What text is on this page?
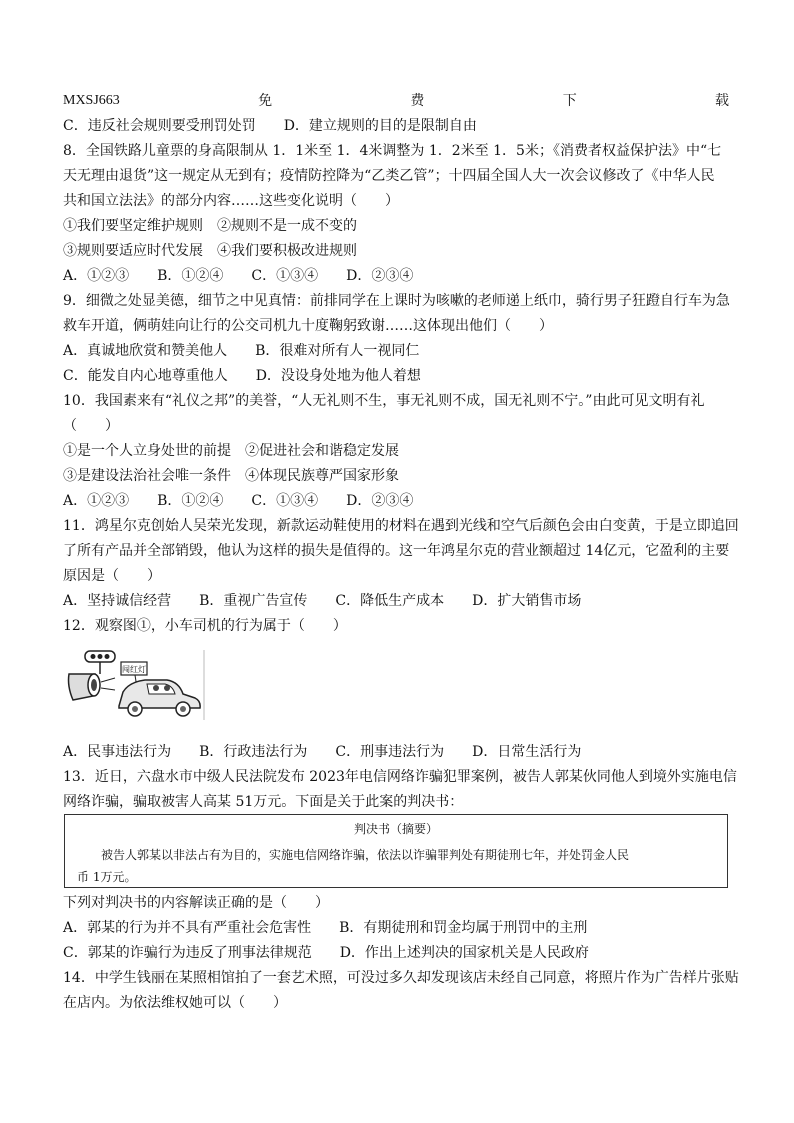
MXSJ663	免	费	下	载
C．违反社会规则要受刑罚处罚　　D．建立规则的目的是限制自由
8．全国铁路儿童票的身高限制从 1．1米至 1．4米调整为 1．2米至 1．5米；《消费者权益保护法》中“七
天无理由退货”这一规定从无到有；疫情防控降为“乙类乙管”；十四届全国人大一次会议修改了《中华人民
共和国立法法》的部分内容……这些变化说明（　　）
①我们要坚定维护规则　②规则不是一成不变的
③规则要适应时代发展　④我们要积极改进规则
A．①②③　　B．①②④　　C．①③④　　D．②③④
9．细微之处显美德，细节之中见真情：前排同学在上课时为咳嗽的老师递上纸巾，骑行男子狂蹬自行车为急
救车开道，俩萌娃向让行的公交司机九十度鞠躬致谢……这体现出他们（　　）
A．真诚地欣赏和赞美他人　　B．很难对所有人一视同仁
C．能发自内心地尊重他人　　D．没设身处地为他人着想
10．我国素来有“礼仪之邦”的美誉，“人无礼则不生，事无礼则不成，国无礼则不宁。”由此可见文明有礼
（　　）
①是一个人立身处世的前提　②促进社会和谐稳定发展
③是建设法治社会唯一条件　④体现民族尊严国家形象
A．①②③　　B．①②④　　C．①③④　　D．②③④
11．鸿星尔克创始人吴荣光发现，新款运动鞋使用的材料在遇到光线和空气后颜色会由白变黄，于是立即追回
了所有产品并全部销毁，他认为这样的损失是值得的。这一年鸿星尔克的营业额超过 14亿元，它盈利的主要
原因是（　　）
A．坚持诚信经营　　B．重视广告宣传　　C．降低生产成本　　D．扩大销售市场
12．观察图①，小车司机的行为属于（　　）
闯红灯
A．民事违法行为　　B．行政违法行为　　C．刑事违法行为　　D．日常生活行为
13．近日，六盘水市中级人民法院发布 2023年电信网络诈骗犯罪案例，被告人郭某伙同他人到境外实施电信
网络诈骗，骗取被害人高某 51万元。下面是关于此案的判决书：
判决书（摘要）
被告人郭某以非法占有为目的，实施电信网络诈骗，依法以诈骗罪判处有期徒刑七年，并处罚金人民
币 1万元。
下列对判决书的内容解读正确的是（　　）
A．郭某的行为并不具有严重社会危害性　　B．有期徒刑和罚金均属于刑罚中的主刑
C．郭某的诈骗行为违反了刑事法律规范　　D．作出上述判决的国家机关是人民政府
14．中学生钱丽在某照相馆拍了一套艺术照，可没过多久却发现该店未经自己同意，将照片作为广告样片张贴
在店内。为依法维权她可以（　　）
